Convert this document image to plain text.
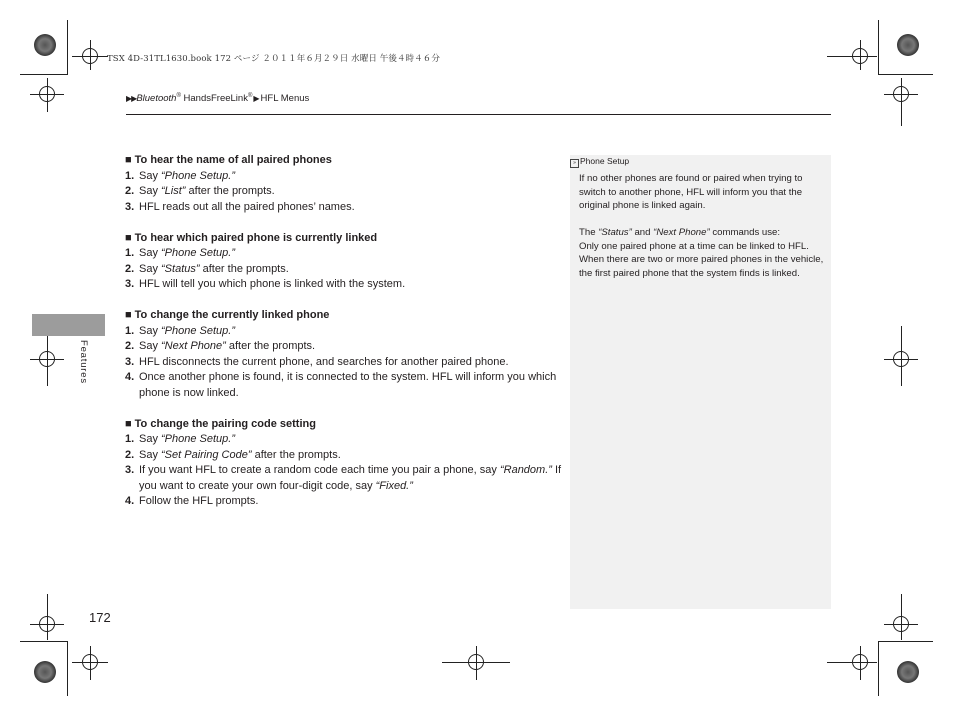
TSX 4D-31TL1630.book 172 ページ ２０１１年６月２９日 水曜日 午後４時４６分
▶▶Bluetooth® HandsFreeLink®▶HFL Menus
Features

■ To hear the name of all paired phones

1. Say “Phone Setup.”

2. Say “List” after the prompts.

3. HFL reads out all the paired phones’ names.

■ To hear which paired phone is currently linked

1. Say “Phone Setup.”

2. Say “Status” after the prompts.

3. HFL will tell you which phone is linked with the system.

■ To change the currently linked phone

1. Say “Phone Setup.”

2. Say “Next Phone” after the prompts.

3. HFL disconnects the current phone, and searches for another paired phone.

4. Once another phone is found, it is connected to the system. HFL will inform you which phone is now linked.

■ To change the pairing code setting

1. Say “Phone Setup.”

2. Say “Set Pairing Code” after the prompts.

3. If you want HFL to create a random code each time you pair a phone, say “Random.” If you want to create your own four-digit code, say “Fixed.”

4. Follow the HFL prompts.

» Phone Setup

If no other phones are found or paired when trying to switch to another phone, HFL will inform you that the original phone is linked again.

The “Status” and “Next Phone” commands use:
Only one paired phone at a time can be linked to HFL. When there are two or more paired phones in the vehicle, the first paired phone that the system finds is linked.

172
